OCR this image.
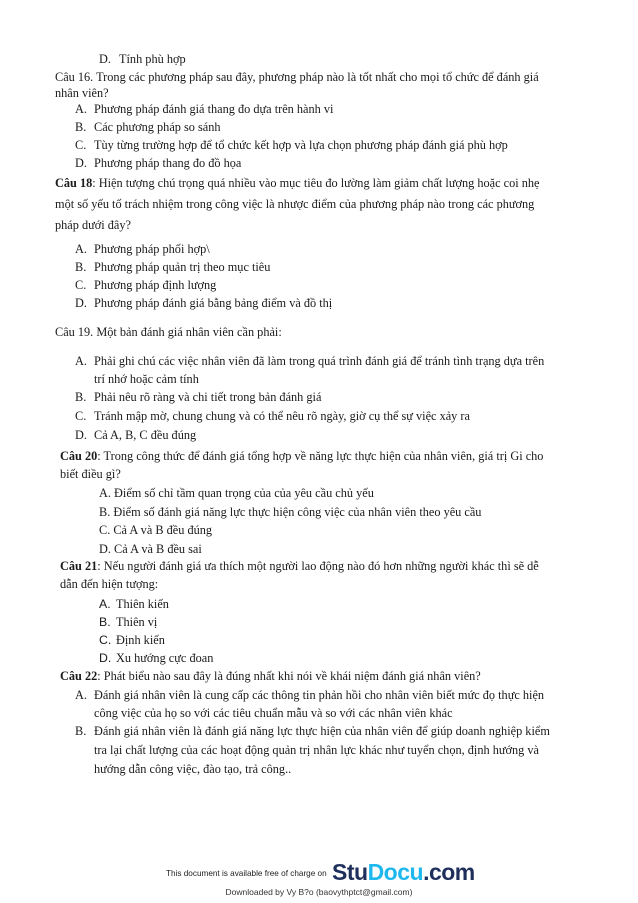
D. Tính phù hợp
Câu 16. Trong các phương pháp sau đây, phương pháp nào là tốt nhất cho mọi tổ chức để đánh giá
nhân viên?
A. Phương pháp đánh giá thang đo dựa trên hành vi
B. Các phương pháp so sánh
C. Tùy từng trường hợp để tổ chức kết hợp và lựa chọn phương pháp đánh giá phù hợp
D. Phương pháp thang đo đồ họa
Câu 18: Hiện tượng chú trọng quá nhiều vào mục tiêu đo lường làm giảm chất lượng hoặc coi nhẹ
một số yếu tố trách nhiệm trong công việc là nhược điểm của phương pháp nào trong các phương
pháp dưới đây?
A. Phương pháp phối hợp\
B. Phương pháp quản trị theo mục tiêu
C. Phương pháp định lượng
D. Phương pháp đánh giá bằng bảng điểm và đồ thị
Câu 19. Một bản đánh giá nhân viên cần phải:
A. Phải ghi chú các việc nhân viên đã làm trong quá trình đánh giá để tránh tình trạng dựa trên
trí nhớ hoặc cảm tính
B. Phải nêu rõ ràng và chi tiết trong bản đánh giá
C. Tránh mập mờ, chung chung và có thể nêu rõ ngày, giờ cụ thể sự việc xảy ra
D. Cả A, B, C đều đúng
Câu 20: Trong công thức để đánh giá tổng hợp về năng lực thực hiện của nhân viên, giá trị Gi cho
biết điều gì?
A. Điểm số chỉ tầm quan trọng của của yêu cầu chủ yếu
B. Điểm số đánh giá năng lực thực hiện công việc của nhân viên theo yêu cầu
C. Cả A và B đều đúng
D. Cả A và B đều sai
Câu 21: Nếu người đánh giá ưa thích một người lao động nào đó hơn những người khác thì sẽ dễ
dẫn đến hiện tượng:
A. Thiên kiến
B. Thiên vị
C. Định kiến
D. Xu hướng cực đoan
Câu 22: Phát biểu nào sau đây là đúng nhất khi nói về khái niệm đánh giá nhân viên?
A. Đánh giá nhân viên là cung cấp các thông tin phản hồi cho nhân viên biết mức đọ thực hiện
công việc của họ so với các tiêu chuẩn mẫu và so với các nhân viên khác
B. Đánh giá nhân viên là đánh giá năng lực thực hiện của nhân viên để giúp doanh nghiệp kiểm
tra lại chất lượng của các hoạt động quản trị nhân lực khác như tuyển chọn, định hướng và
hướng dẫn công việc, đào tạo, trả công..
This document is available free of charge on StuDocu.com
Downloaded by Vy B?o (baovythptct@gmail.com)
